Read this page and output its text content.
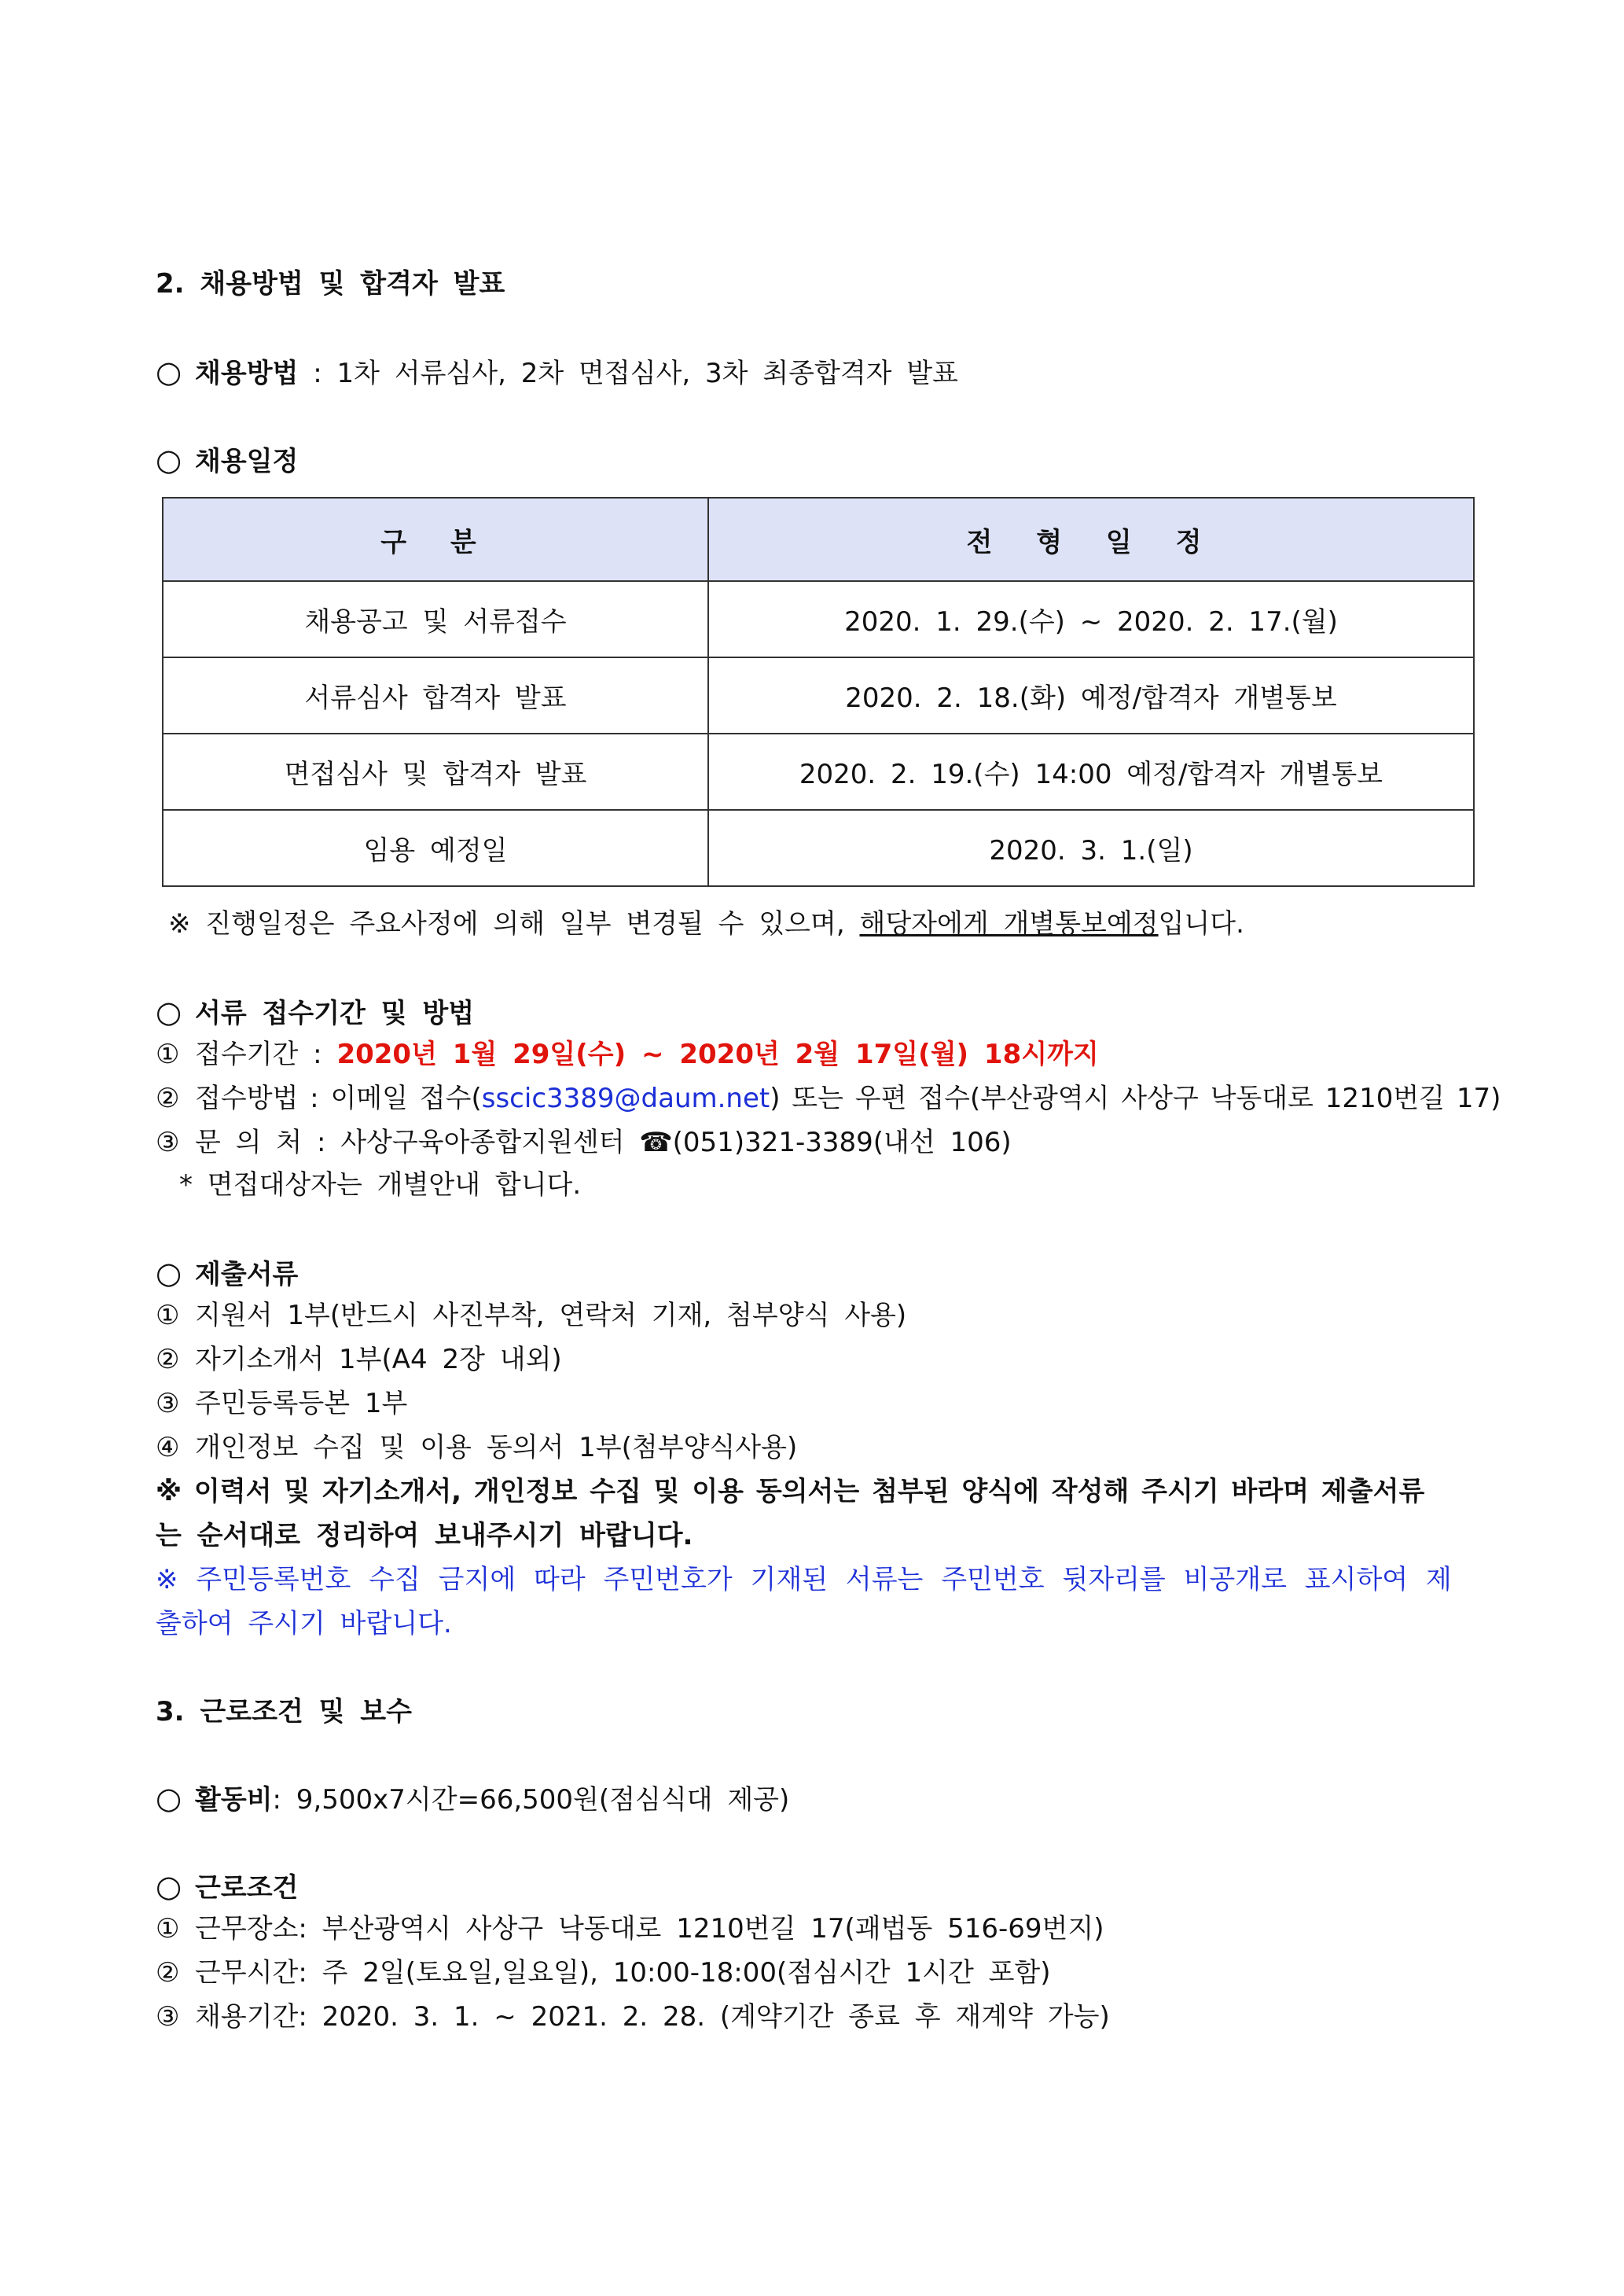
2. 채용방법 및 합격자 발표
○ 채용방법 : 1차 서류심사, 2차 면접심사, 3차 최종합격자 발표
○ 채용일정
구 분	전 형 일 정
채용공고 및 서류접수	2020. 1. 29.(수) ~ 2020. 2. 17.(월)
서류심사 합격자 발표	2020. 2. 18.(화) 예정/합격자 개별통보
면접심사 및 합격자 발표	2020. 2. 19.(수) 14:00 예정/합격자 개별통보
임용 예정일	2020. 3. 1.(일)
※ 진행일정은 주요사정에 의해 일부 변경될 수 있으며, 해당자에게 개별통보예정입니다.
○ 서류 접수기간 및 방법
① 접수기간 : 2020년 1월 29일(수) ~ 2020년 2월 17일(월) 18시까지
② 접수방법 : 이메일 접수(sscic3389@daum.net) 또는 우편 접수(부산광역시 사상구 낙동대로 1210번길 17)
③ 문 의 처 : 사상구육아종합지원센터 ☎(051)321-3389(내선 106)
* 면접대상자는 개별안내 합니다.
○ 제출서류
① 지원서 1부(반드시 사진부착, 연락처 기재, 첨부양식 사용)
② 자기소개서 1부(A4 2장 내외)
③ 주민등록등본 1부
④ 개인정보 수집 및 이용 동의서 1부(첨부양식사용)
※ 이력서 및 자기소개서, 개인정보 수집 및 이용 동의서는 첨부된 양식에 작성해 주시기 바라며 제출서류
는 순서대로 정리하여 보내주시기 바랍니다.
※ 주민등록번호 수집 금지에 따라 주민번호가 기재된 서류는 주민번호 뒷자리를 비공개로 표시하여 제
출하여 주시기 바랍니다.
3. 근로조건 및 보수
○ 활동비: 9,500x7시간=66,500원(점심식대 제공)
○ 근로조건
① 근무장소: 부산광역시 사상구 낙동대로 1210번길 17(괘법동 516-69번지)
② 근무시간: 주 2일(토요일,일요일), 10:00-18:00(점심시간 1시간 포함)
③ 채용기간: 2020. 3. 1. ~ 2021. 2. 28. (계약기간 종료 후 재계약 가능)
